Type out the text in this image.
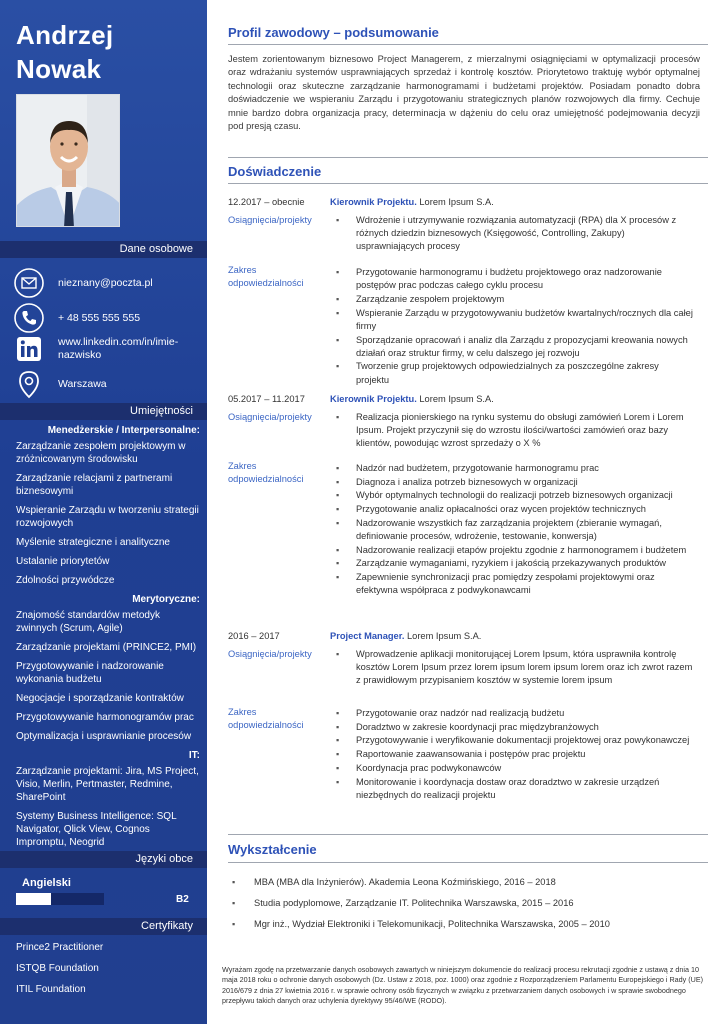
Andrzej
Nowak
Dane osobowe
nieznany@poczta.pl
+ 48 555 555 555
www.linkedin.com/in/imie-
nazwisko
Warszawa
Umiejętności
Menedżerskie / Interpersonalne:
Zarządzanie zespołem projektowym w zróżnicowanym środowisku
Zarządzanie relacjami z partnerami biznesowymi
Wspieranie Zarządu w tworzeniu strategii rozwojowych
Myślenie strategiczne i analityczne
Ustalanie priorytetów
Zdolności przywódcze
Merytoryczne:
Znajomość standardów metodyk zwinnych (Scrum, Agile)
Zarządzanie projektami (PRINCE2, PMI)
Przygotowywanie i nadzorowanie wykonania budżetu
Negocjacje i sporządzanie kontraktów
Przygotowywanie harmonogramów prac
Optymalizacja i usprawnianie procesów
IT:
Zarządzanie projektami: Jira, MS Project, Visio, Merlin, Pertmaster, Redmine, SharePoint
Systemy Business Intelligence: SQL Navigator, Qlick View, Cognos Impromptu, Neogrid
Języki obce
Angielski
B2
Certyfikaty
Prince2 Practitioner
ISTQB Foundation
ITIL Foundation
Profil zawodowy – podsumowanie
Jestem zorientowanym biznesowo Project Managerem, z mierzalnymi osiągnięciami w optymalizacji procesów oraz wdrażaniu systemów usprawniających sprzedaż i kontrolę kosztów. Priorytetowo traktuję wybór optymalnej technologii oraz skuteczne zarządzanie harmonogramami i budżetami projektów. Posiadam ponadto dobra doświadczenie we wspieraniu Zarządu i przygotowaniu strategicznych planów rozwojowych dla firmy. Cechuje mnie bardzo dobra organizacja pracy, determinacja w dążeniu do celu oraz umiejętność podejmowania decyzji pod presją czasu.
Doświadczenie
12.2017 – obecnie	Kierownik Projektu. Lorem Ipsum S.A.
Osiągnięcia/projekty	▪ Wdrożenie i utrzymywanie rozwiązania automatyzacji (RPA) dla X procesów z różnych dziedzin biznesowych (Księgowość, Controlling, Zakupy) usprawniających procesy
Zakres
odpowiedzialności
▪ Przygotowanie harmonogramu i budżetu projektowego oraz nadzorowanie postępów prac podczas całego cyklu procesu
▪ Zarządzanie zespołem projektowym
▪ Wspieranie Zarządu w przygotowywaniu budżetów kwartalnych/rocznych dla całej firmy
▪ Sporządzanie opracowań i analiz dla Zarządu z propozycjami kreowania nowych działań oraz struktur firmy, w celu dalszego jej rozwoju
▪ Tworzenie grup projektowych odpowiedzialnych za poszczególne zakresy projektu
05.2017 – 11.2017	Kierownik Projektu. Lorem Ipsum S.A.
Osiągnięcia/projekty	▪ Realizacja pionierskiego na rynku systemu do obsługi zamówień Lorem i Lorem Ipsum. Projekt przyczynił się do wzrostu ilości/wartości zamówień oraz bazy klientów, powodując wzrost sprzedaży o X %
Zakres
odpowiedzialności
▪ Nadzór nad budżetem, przygotowanie harmonogramu prac
▪ Diagnoza i analiza potrzeb biznesowych w organizacji
▪ Wybór optymalnych technologii do realizacji potrzeb biznesowych organizacji
▪ Przygotowanie analiz opłacalności oraz wycen projektów technicznych
▪ Nadzorowanie wszystkich faz zarządzania projektem (zbieranie wymagań, definiowanie procesów, wdrożenie, testowanie, konwersja)
▪ Nadzorowanie realizacji etapów projektu zgodnie z harmonogramem i budżetem
▪ Zarządzanie wymaganiami, ryzykiem i jakością przekazywanych produktów
▪ Zapewnienie synchronizacji prac pomiędzy zespołami projektowymi oraz efektywna współpraca z podwykonawcami
2016 – 2017	Project Manager. Lorem Ipsum S.A.
Osiągnięcia/projekty	▪ Wprowadzenie aplikacji monitorującej Lorem Ipsum, która usprawniła kontrolę kosztów Lorem Ipsum przez lorem ipsum lorem ipsum lorem oraz ich zwrot razem z prawidłowym przypisaniem kosztów w systemie lorem ipsum
Zakres
odpowiedzialności
▪ Przygotowanie oraz nadzór nad realizacją budżetu
▪ Doradztwo w zakresie koordynacji prac międzybranżowych
▪ Przygotowywanie i weryfikowanie dokumentacji projektowej oraz powykonawczej
▪ Raportowanie zaawansowania i postępów prac projektu
▪ Koordynacja prac podwykonawców
▪ Monitorowanie i koordynacja dostaw oraz doradztwo w zakresie urządzeń niezbędnych do realizacji projektu
Wykształcenie
▪ MBA (MBA dla Inżynierów). Akademia Leona Koźmińskiego, 2016 – 2018
▪ Studia podyplomowe, Zarządzanie IT. Politechnika Warszawska, 2015 – 2016
▪ Mgr inż., Wydział Elektroniki i Telekomunikacji, Politechnika Warszawska, 2005 – 2010
Wyrażam zgodę na przetwarzanie danych osobowych zawartych w niniejszym dokumencie do realizacji procesu rekrutacji zgodnie z ustawą z dnia 10 maja 2018 roku o ochronie danych osobowych (Dz. Ustaw z 2018, poz. 1000) oraz zgodnie z Rozporządzeniem Parlamentu Europejskiego i Rady (UE) 2016/679 z dnia 27 kwietnia 2016 r. w sprawie ochrony osób fizycznych w związku z przetwarzaniem danych osobowych i w sprawie swobodnego przepływu takich danych oraz uchylenia dyrektywy 95/46/WE (RODO).
